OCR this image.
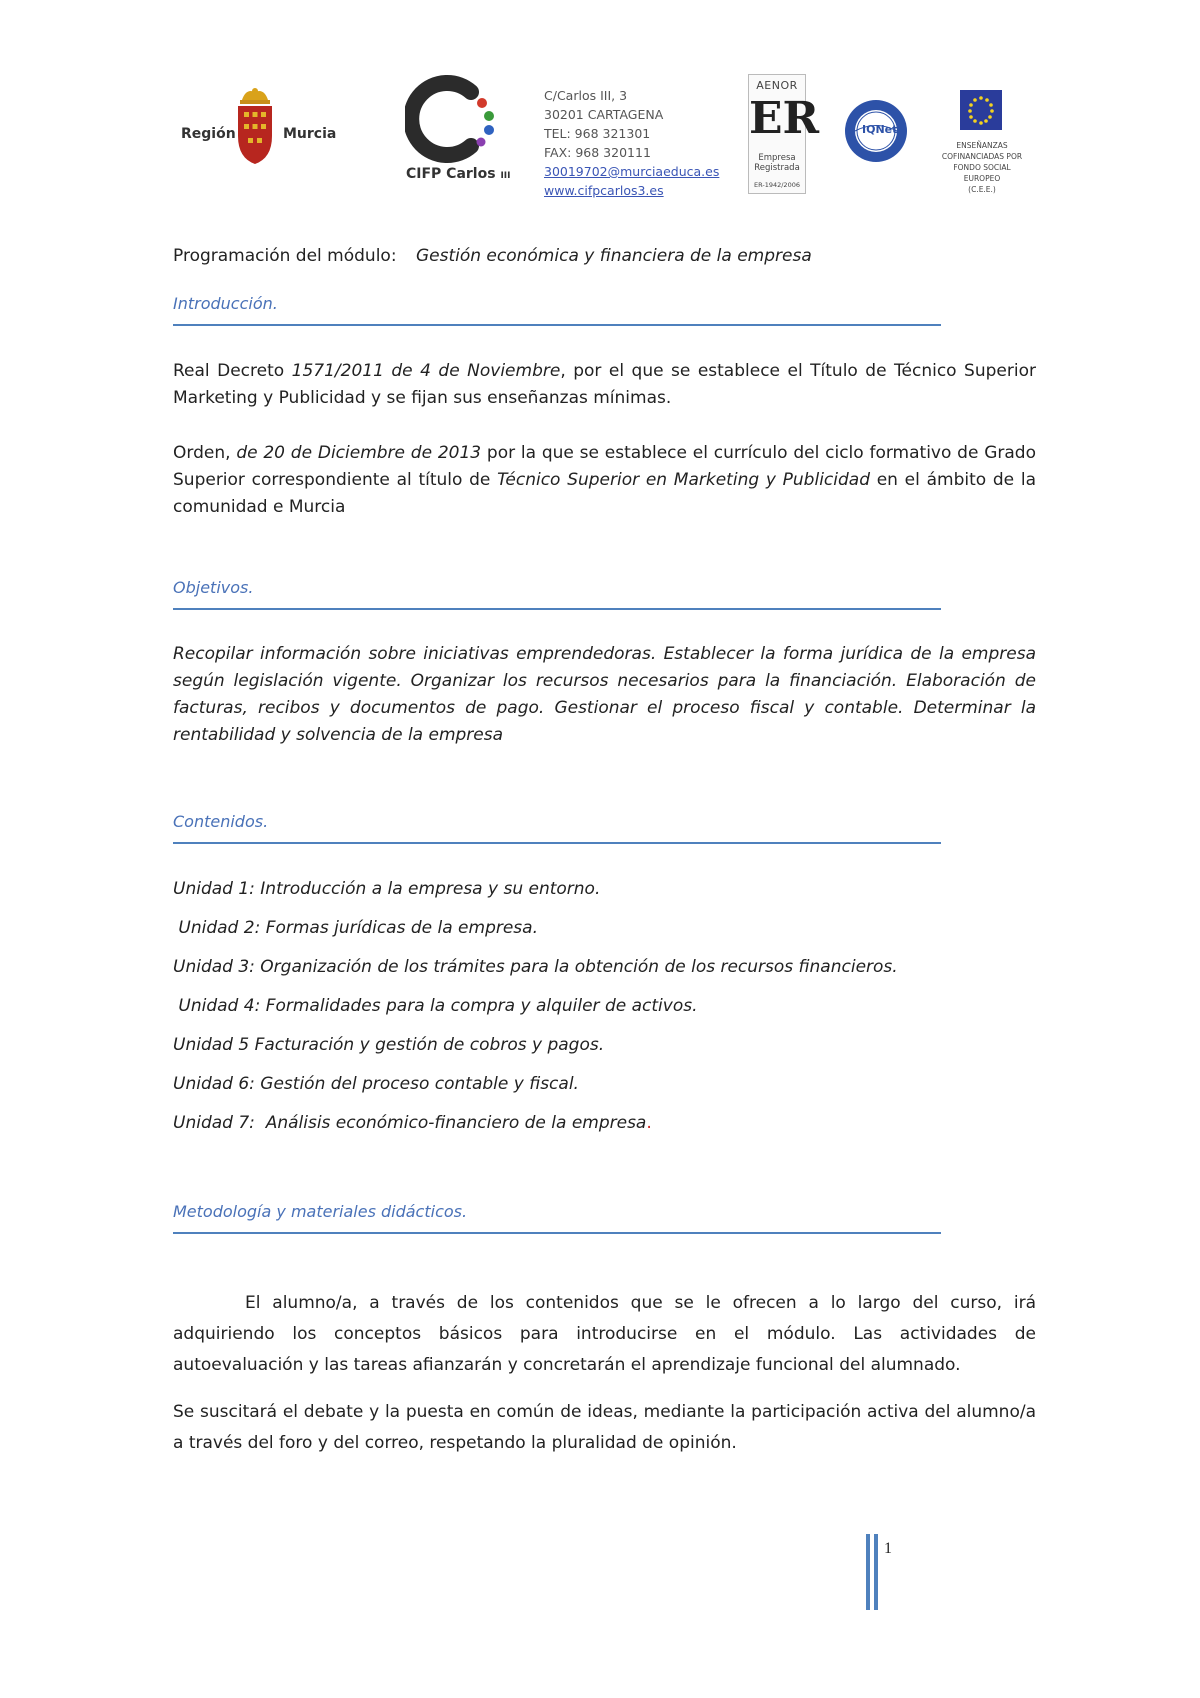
Región	Murcia
CIFP Carlos III
C/Carlos III, 3
30201 CARTAGENA
TEL: 968 321301
FAX: 968 320111
30019702@murciaeduca.es
www.cifpcarlos3.es
AENOR
ER
Empresa
Registrada
ER-1942/2006
IQNet
ENSEÑANZAS
COFINANCIADAS POR
FONDO SOCIAL
EUROPEO
(C.E.E.)
Programación del módulo: Gestión económica y financiera de la empresa
Introducción.
Real Decreto 1571/2011 de 4 de Noviembre, por el que se establece el Título de Técnico Superior Marketing y Publicidad y se fijan sus enseñanzas mínimas.
Orden, de 20 de Diciembre de 2013 por la que se establece el currículo del ciclo formativo de Grado Superior correspondiente al título de Técnico Superior en Marketing y Publicidad en el ámbito de la comunidad e Murcia
Objetivos.
Recopilar información sobre iniciativas emprendedoras. Establecer la forma jurídica de la empresa según legislación vigente. Organizar los recursos necesarios para la financiación. Elaboración de facturas, recibos y documentos de pago. Gestionar el proceso fiscal y contable. Determinar la rentabilidad y solvencia de la empresa
Contenidos.
Unidad 1: Introducción a la empresa y su entorno.
Unidad 2: Formas jurídicas de la empresa.
Unidad 3: Organización de los trámites para la obtención de los recursos financieros.
Unidad 4: Formalidades para la compra y alquiler de activos.
Unidad 5 Facturación y gestión de cobros y pagos.
Unidad 6: Gestión del proceso contable y fiscal.
Unidad 7:  Análisis económico-financiero de la empresa.
Metodología y materiales didácticos.
El alumno/a, a través de los contenidos que se le ofrecen a lo largo del curso, irá adquiriendo los conceptos básicos para introducirse en el módulo. Las actividades de autoevaluación y las tareas afianzarán y concretarán el aprendizaje funcional del alumnado.
Se suscitará el debate y la puesta en común de ideas, mediante la participación activa del alumno/a a través del foro y del correo, respetando la pluralidad de opinión.
1
